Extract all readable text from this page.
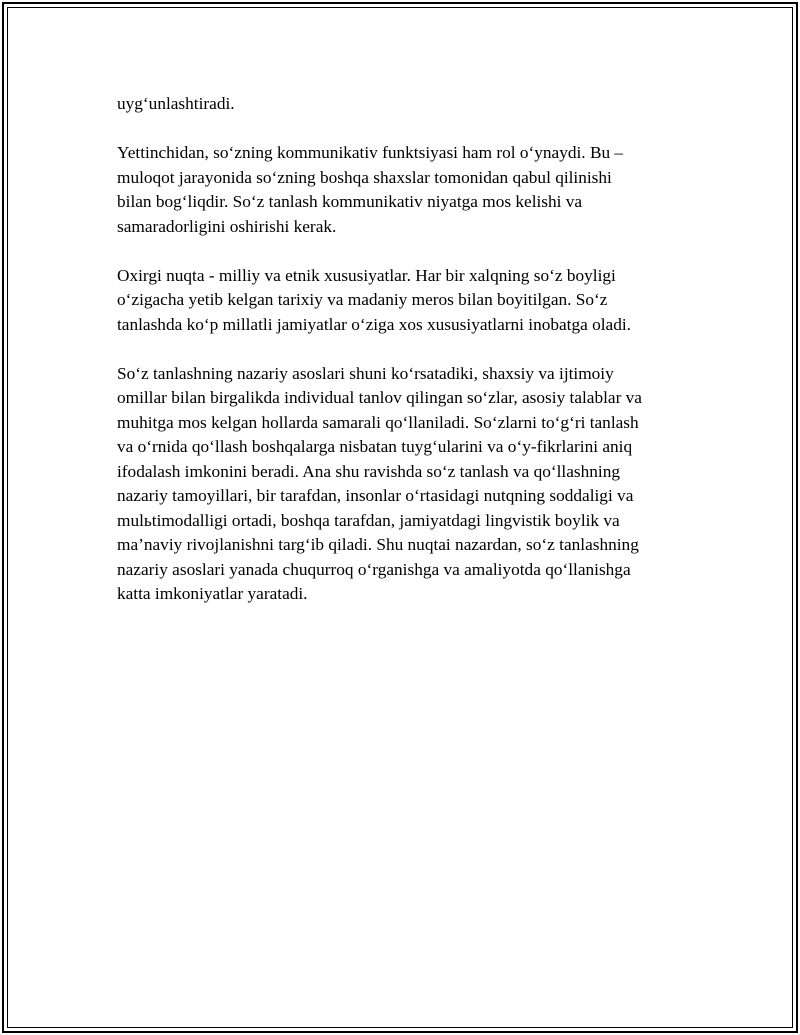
uyg‘unlashtiradi.

Yettinchidan, so‘zning kommunikativ funktsiyasi ham rol o‘ynaydi. Bu –
muloqot jarayonida so‘zning boshqa shaxslar tomonidan qabul qilinishi
bilan bog‘liqdir. So‘z tanlash kommunikativ niyatga mos kelishi va
samaradorligini oshirishi kerak.

Oxirgi nuqta - milliy va etnik xususiyatlar. Har bir xalqning so‘z boyligi
o‘zigacha yetib kelgan tarixiy va madaniy meros bilan boyitilgan. So‘z
tanlashda ko‘p millatli jamiyatlar o‘ziga xos xususiyatlarni inobatga oladi.

So‘z tanlashning nazariy asoslari shuni ko‘rsatadiki, shaxsiy va ijtimoiy
omillar bilan birgalikda individual tanlov qilingan so‘zlar, asosiy talablar va
muhitga mos kelgan hollarda samarali qo‘llaniladi. So‘zlarni to‘g‘ri tanlash
va o‘rnida qo‘llash boshqalarga nisbatan tuyg‘ularini va o‘y-fikrlarini aniq
ifodalash imkonini beradi. Ana shu ravishda so‘z tanlash va qo‘llashning
nazariy tamoyillari, bir tarafdan, insonlar o‘rtasidagi nutqning soddaligi va
mulьtimodalligi ortadi, boshqa tarafdan, jamiyatdagi lingvistik boylik va
ma’naviy rivojlanishni targ‘ib qiladi. Shu nuqtai nazardan, so‘z tanlashning
nazariy asoslari yanada chuqurroq o‘rganishga va amaliyotda qo‘llanishga
katta imkoniyatlar yaratadi.
